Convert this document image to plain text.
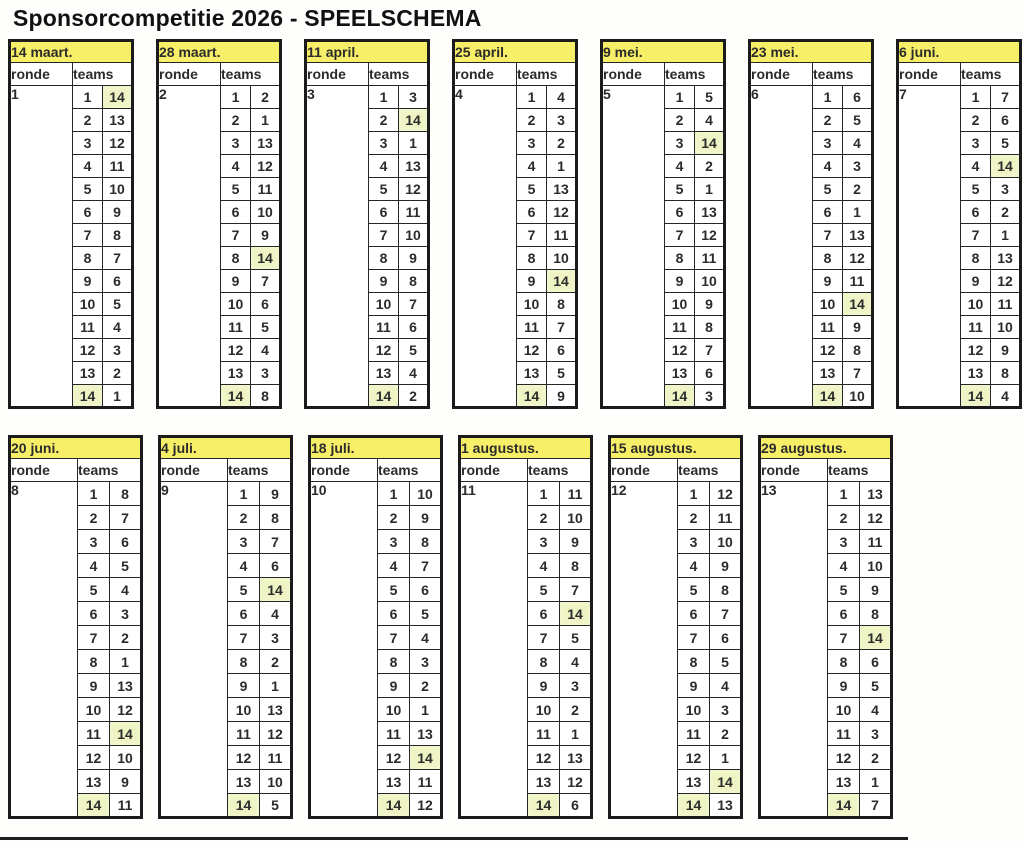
Sponsorcompetitie 2026 - SPEELSCHEMA
14 maart.		
ronde	teams	
1	1	14
	2	13
	3	12
	4	11
	5	10
	6	9
	7	8
	8	7
	9	6
	10	5
	11	4
	12	3
	13	2
	14	1
28 maart.		
ronde	teams	
2	1	2
	2	1
	3	13
	4	12
	5	11
	6	10
	7	9
	8	14
	9	7
	10	6
	11	5
	12	4
	13	3
	14	8
11 april.		
ronde	teams	
3	1	3
	2	14
	3	1
	4	13
	5	12
	6	11
	7	10
	8	9
	9	8
	10	7
	11	6
	12	5
	13	4
	14	2
25 april.		
ronde	teams	
4	1	4
	2	3
	3	2
	4	1
	5	13
	6	12
	7	11
	8	10
	9	14
	10	8
	11	7
	12	6
	13	5
	14	9
9 mei.		
ronde	teams	
5	1	5
	2	4
	3	14
	4	2
	5	1
	6	13
	7	12
	8	11
	9	10
	10	9
	11	8
	12	7
	13	6
	14	3
23 mei.		
ronde	teams	
6	1	6
	2	5
	3	4
	4	3
	5	2
	6	1
	7	13
	8	12
	9	11
	10	14
	11	9
	12	8
	13	7
	14	10
6 juni.		
ronde	teams	
7	1	7
	2	6
	3	5
	4	14
	5	3
	6	2
	7	1
	8	13
	9	12
	10	11
	11	10
	12	9
	13	8
	14	4
20 juni.		
ronde	teams	
8	1	8
	2	7
	3	6
	4	5
	5	4
	6	3
	7	2
	8	1
	9	13
	10	12
	11	14
	12	10
	13	9
	14	11
4 juli.		
ronde	teams	
9	1	9
	2	8
	3	7
	4	6
	5	14
	6	4
	7	3
	8	2
	9	1
	10	13
	11	12
	12	11
	13	10
	14	5
18 juli.		
ronde	teams	
10	1	10
	2	9
	3	8
	4	7
	5	6
	6	5
	7	4
	8	3
	9	2
	10	1
	11	13
	12	14
	13	11
	14	12
1 augustus.		
ronde	teams	
11	1	11
	2	10
	3	9
	4	8
	5	7
	6	14
	7	5
	8	4
	9	3
	10	2
	11	1
	12	13
	13	12
	14	6
15 augustus.		
ronde	teams	
12	1	12
	2	11
	3	10
	4	9
	5	8
	6	7
	7	6
	8	5
	9	4
	10	3
	11	2
	12	1
	13	14
	14	13
29 augustus.		
ronde	teams	
13	1	13
	2	12
	3	11
	4	10
	5	9
	6	8
	7	14
	8	6
	9	5
	10	4
	11	3
	12	2
	13	1
	14	7
